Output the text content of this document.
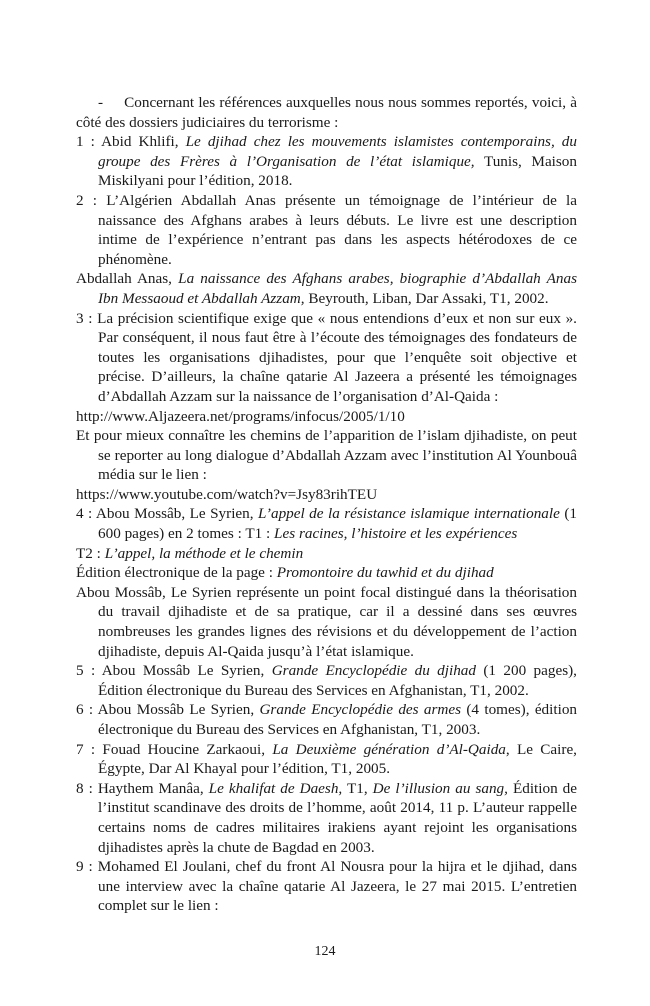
- Concernant les références auxquelles nous nous sommes reportés, voici, à côté des dossiers judiciaires du terrorisme :

1 : Abid Khlifi, Le djihad chez les mouvements islamistes contemporains, du groupe des Frères à l’Organisation de l’état islamique, Tunis, Maison Miskilyani pour l’édition, 2018.

2 : L’Algérien Abdallah Anas présente un témoignage de l’intérieur de la naissance des Afghans arabes à leurs débuts. Le livre est une description intime de l’expérience n’entrant pas dans les aspects hétérodoxes de ce phénomène.

Abdallah Anas, La naissance des Afghans arabes, biographie d’Abdallah Anas Ibn Messaoud et Abdallah Azzam, Beyrouth, Liban, Dar Assaki, T1, 2002.

3 : La précision scientifique exige que « nous entendions d’eux et non sur eux ». Par conséquent, il nous faut être à l’écoute des témoignages des fondateurs de toutes les organisations djihadistes, pour que l’enquête soit objective et précise. D’ailleurs, la chaîne qatarie Al Jazeera a présenté les témoignages d’Abdallah Azzam sur la naissance de l’organisation d’Al-Qaida :

http://www.Aljazeera.net/programs/infocus/2005/1/10

Et pour mieux connaître les chemins de l’apparition de l’islam djihadiste, on peut se reporter au long dialogue d’Abdallah Azzam avec l’institution Al Younbouâ média sur le lien :

https://www.youtube.com/watch?v=Jsy83rihTEU

4 : Abou Mossâb, Le Syrien, L’appel de la résistance islamique internationale (1 600 pages) en 2 tomes : T1 : Les racines, l’histoire et les expériences

T2 : L’appel, la méthode et le chemin

Édition électronique de la page : Promontoire du tawhid et du djihad

Abou Mossâb, Le Syrien représente un point focal distingué dans la théorisation du travail djihadiste et de sa pratique, car il a dessiné dans ses œuvres nombreuses les grandes lignes des révisions et du développement de l’action djihadiste, depuis Al-Qaida jusqu’à l’état islamique.

5 : Abou Mossâb Le Syrien, Grande Encyclopédie du djihad (1 200 pages), Édition électronique du Bureau des Services en Afghanistan, T1, 2002.

6 : Abou Mossâb Le Syrien, Grande Encyclopédie des armes (4 tomes), édition électronique du Bureau des Services en Afghanistan, T1, 2003.

7 : Fouad Houcine Zarkaoui, La Deuxième génération d’Al-Qaida, Le Caire, Égypte, Dar Al Khayal pour l’édition, T1, 2005.

8 : Haythem Manâa, Le khalifat de Daesh, T1, De l’illusion au sang, Édition de l’institut scandinave des droits de l’homme, août 2014, 11 p. L’auteur rappelle certains noms de cadres militaires irakiens ayant rejoint les organisations djihadistes après la chute de Bagdad en 2003.

9 : Mohamed El Joulani, chef du front Al Nousra pour la hijra et le djihad, dans une interview avec la chaîne qatarie Al Jazeera, le 27 mai 2015. L’entretien complet sur le lien :

124
